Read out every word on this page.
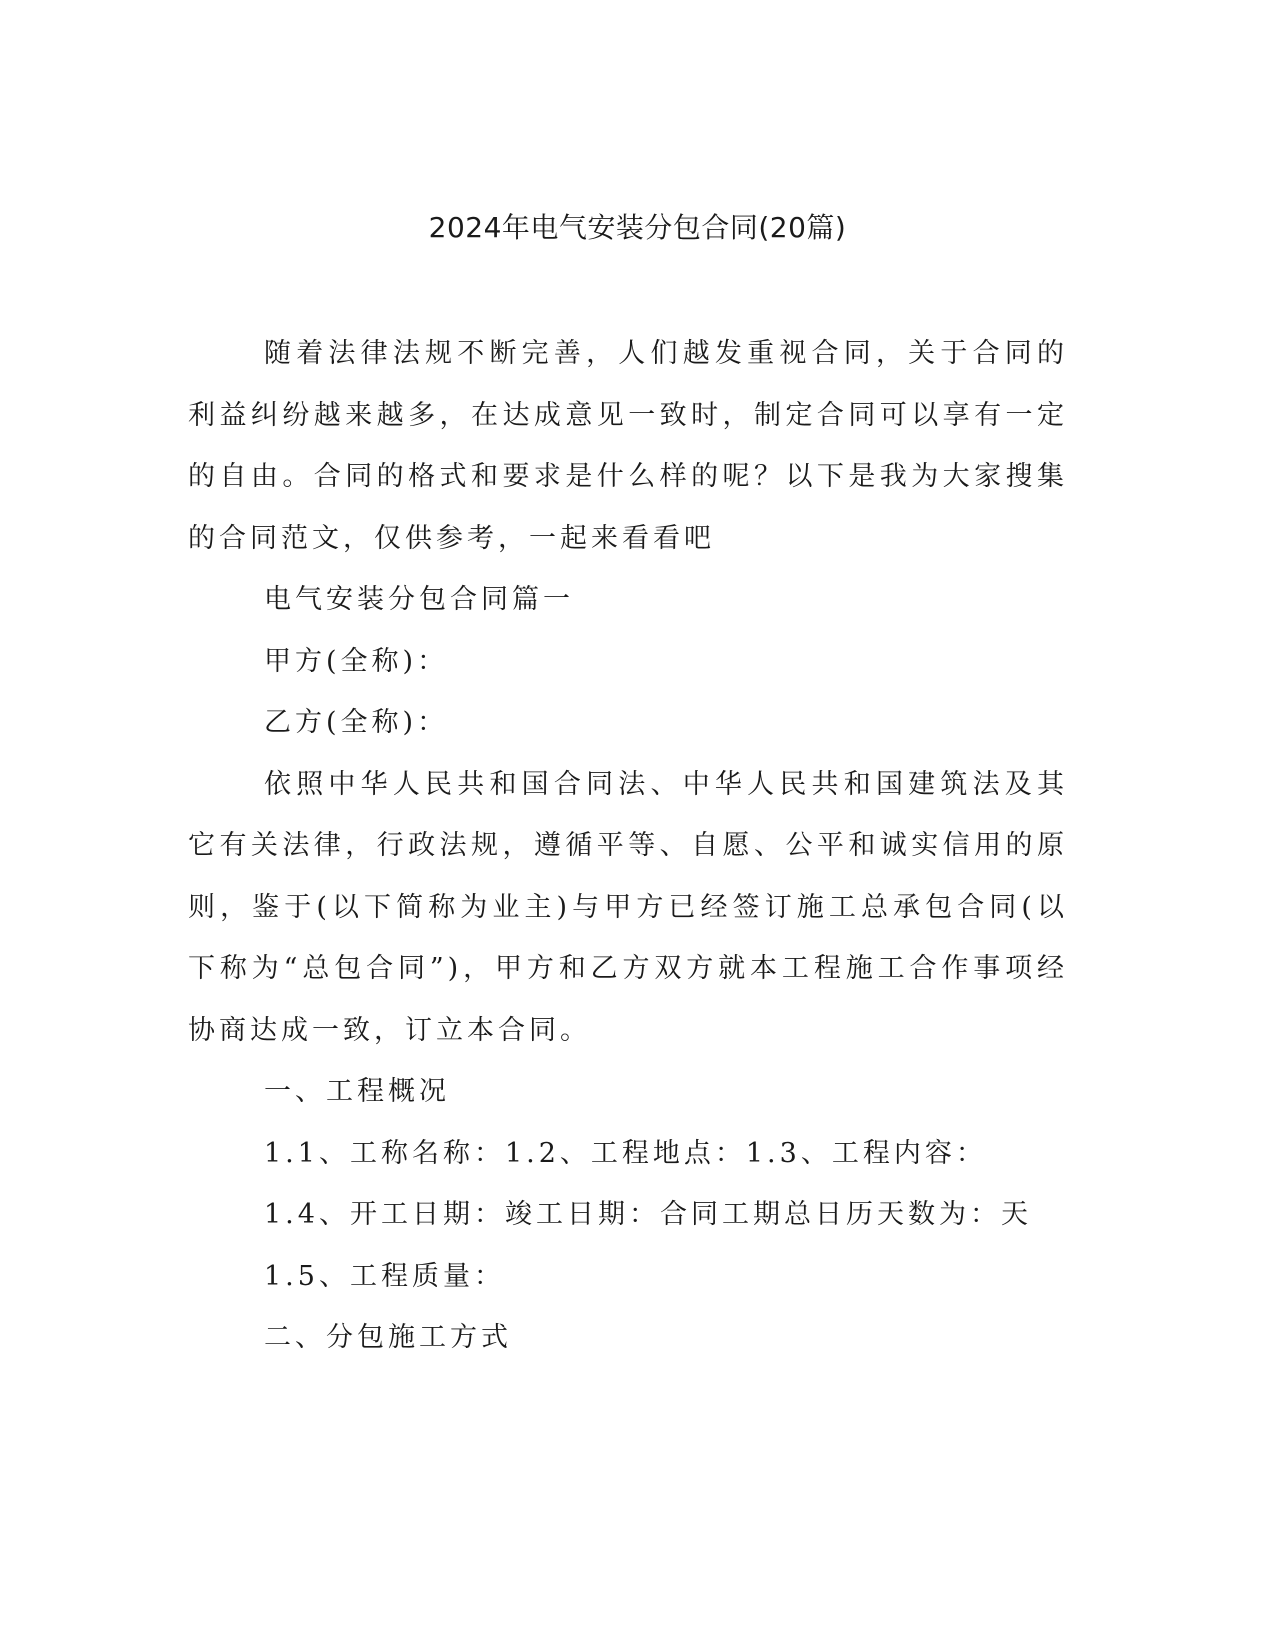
2024年电气安装分包合同(20篇)

随着法律法规不断完善，人们越发重视合同，关于合同的利益纠纷越来越多，在达成意见一致时，制定合同可以享有一定的自由。合同的格式和要求是什么样的呢？以下是我为大家搜集的合同范文，仅供参考，一起来看看吧

电气安装分包合同篇一

甲方(全称)：

乙方(全称)：

依照中华人民共和国合同法、中华人民共和国建筑法及其它有关法律，行政法规，遵循平等、自愿、公平和诚实信用的原则，鉴于(以下简称为业主)与甲方已经签订施工总承包合同(以下称为“总包合同”)，甲方和乙方双方就本工程施工合作事项经协商达成一致，订立本合同。

一、工程概况

1.1、工称名称：1.2、工程地点：1.3、工程内容：

1.4、开工日期：竣工日期：合同工期总日历天数为：天

1.5、工程质量：

二、分包施工方式
